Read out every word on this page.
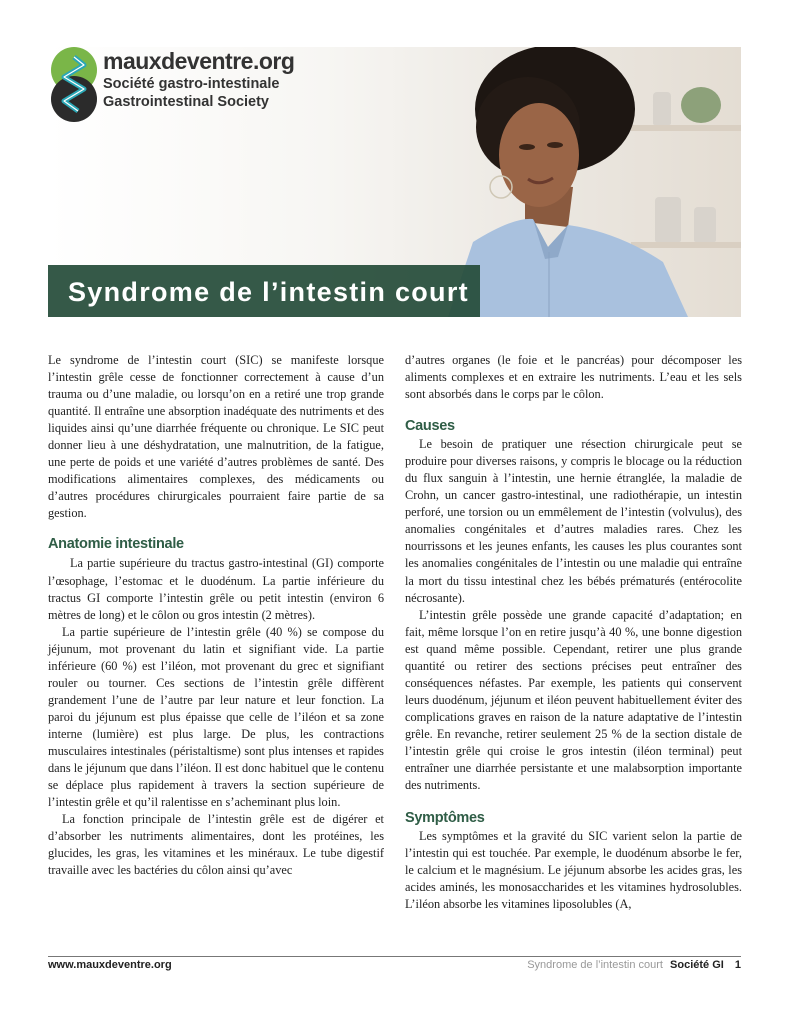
mauxdeventre.org
Société gastro-intestinale
Gastrointestinal Society
Syndrome de l’intestin court

Le syndrome de l’intestin court (SIC) se manifeste lorsque l’intestin grêle cesse de fonctionner correctement à cause d’un trauma ou d’une maladie, ou lorsqu’on en a retiré une trop grande quantité. Il entraîne une absorption inadéquate des nutriments et des liquides ainsi qu’une diarrhée fréquente ou chronique. Le SIC peut donner lieu à une déshydratation, une malnutrition, de la fatigue, une perte de poids et une variété d’autres problèmes de santé. Des modifications alimentaires complexes, des médicaments ou d’autres procédures chirurgicales pourraient faire partie de sa gestion.

Anatomie intestinale

La partie supérieure du tractus gastro-intestinal (GI) comporte l’œsophage, l’estomac et le duodénum. La partie inférieure du tractus GI comporte l’intestin grêle ou petit intestin (environ 6 mètres de long) et le côlon ou gros intestin (2 mètres).

La partie supérieure de l’intestin grêle (40 %) se compose du jéjunum, mot provenant du latin et signifiant vide. La partie inférieure (60 %) est l’iléon, mot provenant du grec et signifiant rouler ou tourner. Ces sections de l’intestin grêle diffèrent grandement l’une de l’autre par leur nature et leur fonction. La paroi du jéjunum est plus épaisse que celle de l’iléon et sa zone interne (lumière) est plus large. De plus, les contractions musculaires intestinales (péristaltisme) sont plus intenses et rapides dans le jéjunum que dans l’iléon. Il est donc habituel que le contenu se déplace plus rapidement à travers la section supérieure de l’intestin grêle et qu’il ralentisse en s’acheminant plus loin.

La fonction principale de l’intestin grêle est de digérer et d’absorber les nutriments alimentaires, dont les protéines, les glucides, les gras, les vitamines et les minéraux. Le tube digestif travaille avec les bactéries du côlon ainsi qu’avec

d’autres organes (le foie et le pancréas) pour décomposer les aliments complexes et en extraire les nutriments. L’eau et les sels sont absorbés dans le corps par le côlon.

Causes

Le besoin de pratiquer une résection chirurgicale peut se produire pour diverses raisons, y compris le blocage ou la réduction du flux sanguin à l’intestin, une hernie étranglée, la maladie de Crohn, un cancer gastro-intestinal, une radiothérapie, un intestin perforé, une torsion ou un emmêlement de l’intestin (volvulus), des anomalies congénitales et d’autres maladies rares. Chez les nourrissons et les jeunes enfants, les causes les plus courantes sont les anomalies congénitales de l’intestin ou une maladie qui entraîne la mort du tissu intestinal chez les bébés prématurés (entérocolite nécrosante).

L’intestin grêle possède une grande capacité d’adaptation; en fait, même lorsque l’on en retire jusqu’à 40 %, une bonne digestion est quand même possible. Cependant, retirer une plus grande quantité ou retirer des sections précises peut entraîner des conséquences néfastes. Par exemple, les patients qui conservent leurs duodénum, jéjunum et iléon peuvent habituellement éviter des complications graves en raison de la nature adaptative de l’intestin grêle. En revanche, retirer seulement 25 % de la section distale de l’intestin grêle qui croise le gros intestin (iléon terminal) peut entraîner une diarrhée persistante et une malabsorption importante des nutriments.

Symptômes

Les symptômes et la gravité du SIC varient selon la partie de l’intestin qui est touchée. Par exemple, le duodénum absorbe le fer, le calcium et le magnésium. Le jéjunum absorbe les acides gras, les acides aminés, les monosaccharides et les vitamines hydrosolubles. L’iléon absorbe les vitamines liposolubles (A,

www.mauxdeventre.org	Syndrome de l’intestin court Société GI 1
